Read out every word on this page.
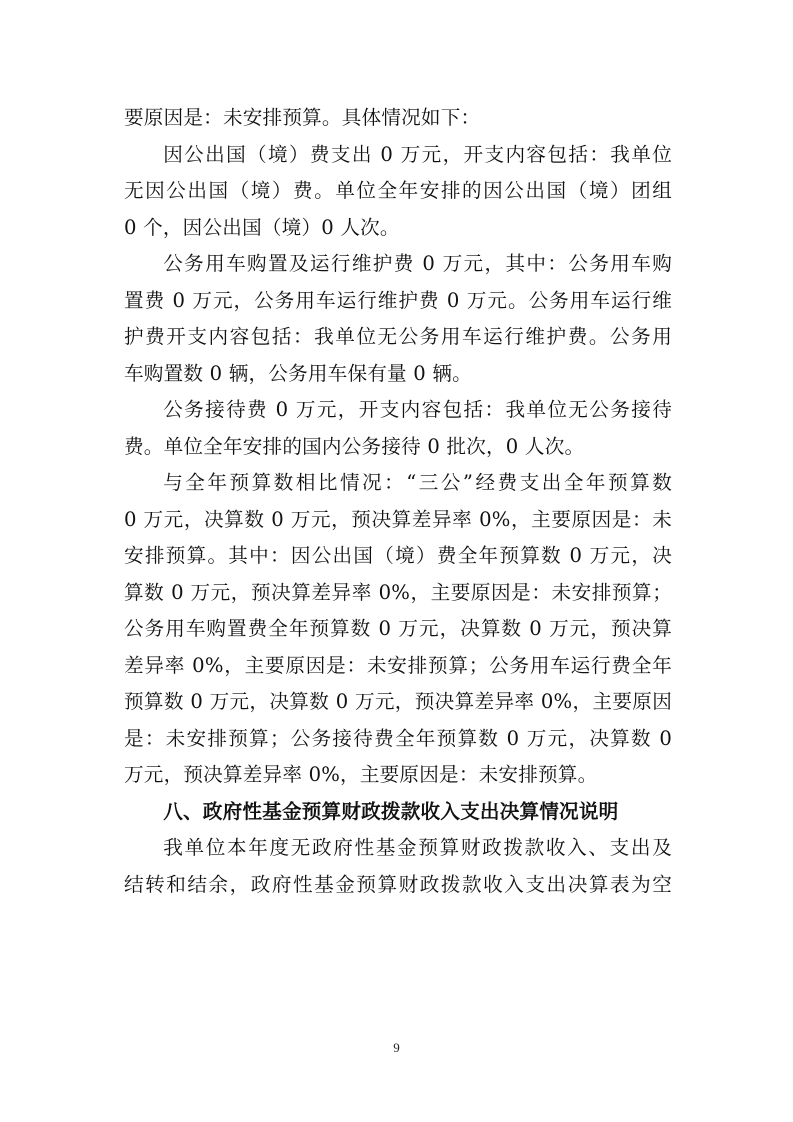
要原因是：未安排预算。具体情况如下：

因公出国（境）费支出 0 万元，开支内容包括：我单位

无因公出国（境）费。单位全年安排的因公出国（境）团组

0 个，因公出国（境）0 人次。

公务用车购置及运行维护费 0 万元，其中：公务用车购

置费 0 万元，公务用车运行维护费 0 万元。公务用车运行维

护费开支内容包括：我单位无公务用车运行维护费。公务用

车购置数 0 辆，公务用车保有量 0 辆。

公务接待费 0 万元，开支内容包括：我单位无公务接待

费。单位全年安排的国内公务接待 0 批次，0 人次。

与全年预算数相比情况：“三公”经费支出全年预算数

0 万元，决算数 0 万元，预决算差异率 0%，主要原因是：未

安排预算。其中：因公出国（境）费全年预算数 0 万元，决

算数 0 万元，预决算差异率 0%，主要原因是：未安排预算；

公务用车购置费全年预算数 0 万元，决算数 0 万元，预决算

差异率 0%，主要原因是：未安排预算；公务用车运行费全年

预算数 0 万元，决算数 0 万元，预决算差异率 0%，主要原因

是：未安排预算；公务接待费全年预算数 0 万元，决算数 0

万元，预决算差异率 0%，主要原因是：未安排预算。

八、政府性基金预算财政拨款收入支出决算情况说明

我单位本年度无政府性基金预算财政拨款收入、支出及

结转和结余，政府性基金预算财政拨款收入支出决算表为空

9
